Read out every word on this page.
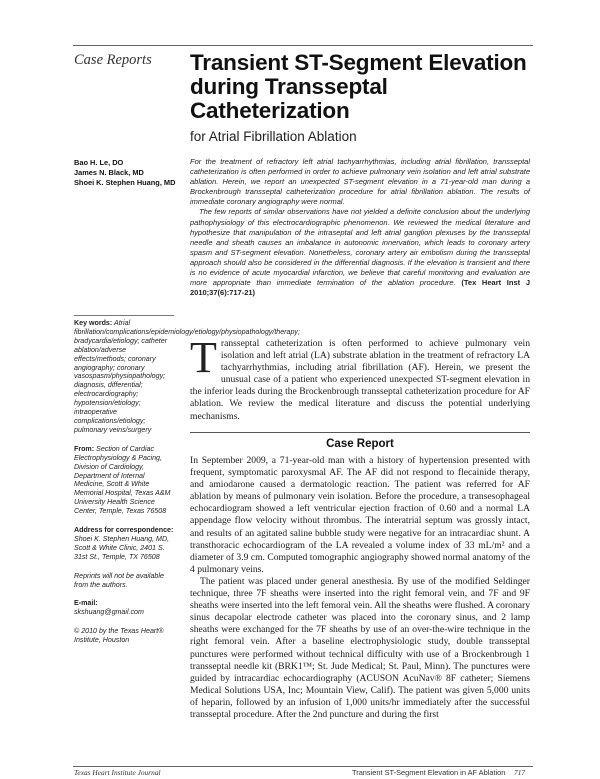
Case Reports	Transient ST-Segment Elevation during Transseptal Catheterization
for Atrial Fibrillation Ablation
Bao H. Le, DO
James N. Black, MD
Shoei K. Stephen Huang, MD

For the treatment of refractory left atrial tachyarrhythmias, including atrial fibrillation, transseptal catheterization is often performed in order to achieve pulmonary vein isolation and left atrial substrate ablation. Herein, we report an unexpected ST-segment elevation in a 71-year-old man during a Brockenbrough transseptal catheterization procedure for atrial fibrillation ablation. The results of immediate coronary angiography were normal.

The few reports of similar observations have not yielded a definite conclusion about the underlying pathophysiology of this electrocardiographic phenomenon. We reviewed the medical literature and hypothesize that manipulation of the intraseptal and left atrial ganglion plexuses by the transseptal needle and sheath causes an imbalance in autonomic innervation, which leads to coronary artery spasm and ST-segment elevation. Nonetheless, coronary artery air embolism during the transseptal approach should also be considered in the differential diagnosis. If the elevation is transient and there is no evidence of acute myocardial infarction, we believe that careful monitoring and evaluation are more appropriate than immediate termination of the ablation procedure. (Tex Heart Inst J 2010;37(6):717-21)

Key words: Atrial fibrillation/complications/epidemiology/etiology/physiopathology/therapy; bradycardia/etiology; catheter ablation/adverse effects/methods; coronary angiography; coronary vasospasm/physiopathology; diagnosis, differential; electrocardiography; hypotension/etiology; intraoperative complications/etiology; pulmonary veins/surgery
From: Section of Cardiac Electrophysiology & Pacing, Division of Cardiology, Department of Internal Medicine, Scott & White Memorial Hospital, Texas A&M University Health Science Center, Temple, Texas 76508
Address for correspondence:
Shoei K. Stephen Huang, MD, Scott & White Clinic, 2401 S. 31st St., Temple, TX 76508
Reprints will not be available from the authors.
E-mail:
skshuang@gmail.com
© 2010 by the Texas Heart® Institute, Houston
T ransseptal catheterization is often performed to achieve pulmonary vein isolation and left atrial (LA) substrate ablation in the treatment of refractory LA tachyarrhythmias, including atrial fibrillation (AF). Herein, we present the unusual case of a patient who experienced unexpected ST-segment elevation in the inferior leads during the Brockenbrough transseptal catheterization procedure for AF ablation. We review the medical literature and discuss the potential underlying mechanisms.

Case Report

In September 2009, a 71-year-old man with a history of hypertension presented with frequent, symptomatic paroxysmal AF. The AF did not respond to flecainide therapy, and amiodarone caused a dermatologic reaction. The patient was referred for AF ablation by means of pulmonary vein isolation. Before the procedure, a transesophageal echocardiogram showed a left ventricular ejection fraction of 0.60 and a normal LA appendage flow velocity without thrombus. The interatrial septum was grossly intact, and results of an agitated saline bubble study were negative for an intracardiac shunt. A transthoracic echocardiogram of the LA revealed a volume index of 33 mL/m² and a diameter of 3.9 cm. Computed tomographic angiography showed normal anatomy of the 4 pulmonary veins.

The patient was placed under general anesthesia. By use of the modified Seldinger technique, three 7F sheaths were inserted into the right femoral vein, and 7F and 9F sheaths were inserted into the left femoral vein. All the sheaths were flushed. A coronary sinus decapolar electrode catheter was placed into the coronary sinus, and 2 lamp sheaths were exchanged for the 7F sheaths by use of an over-the-wire technique in the right femoral vein. After a baseline electrophysiologic study, double transseptal punctures were performed without technical difficulty with use of a Brockenbrough 1 transseptal needle kit (BRK1™; St. Jude Medical; St. Paul, Minn). The punctures were guided by intracardiac echocardiography (ACUSON AcuNav® 8F catheter; Siemens Medical Solutions USA, Inc; Mountain View, Calif). The patient was given 5,000 units of heparin, followed by an infusion of 1,000 units/hr immediately after the successful transseptal procedure. After the 2nd puncture and during the first

Texas Heart Institute Journal	Transient ST-Segment Elevation in AF Ablation 717
